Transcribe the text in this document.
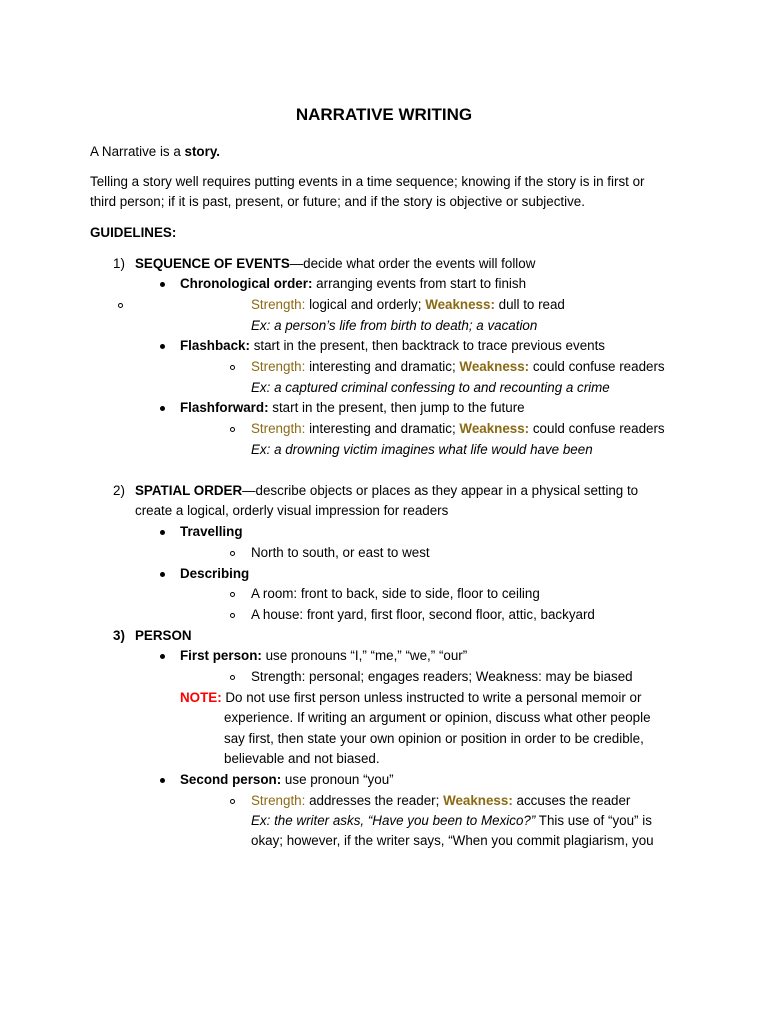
NARRATIVE WRITING
A Narrative is a story.
Telling a story well requires putting events in a time sequence; knowing if the story is in first or
third person; if it is past, present, or future; and if the story is objective or subjective.
GUIDELINES:
1) SEQUENCE OF EVENTS—decide what order the events will follow
Chronological order: arranging events from start to finish
Strength: logical and orderly; Weakness: dull to read
Ex: a person’s life from birth to death; a vacation
Flashback: start in the present, then backtrack to trace previous events
Strength: interesting and dramatic; Weakness: could confuse readers
Ex: a captured criminal confessing to and recounting a crime
Flashforward: start in the present, then jump to the future
Strength: interesting and dramatic; Weakness: could confuse readers
Ex: a drowning victim imagines what life would have been
2) SPATIAL ORDER—describe objects or places as they appear in a physical setting to
create a logical, orderly visual impression for readers
Travelling
North to south, or east to west
Describing
A room: front to back, side to side, floor to ceiling
A house: front yard, first floor, second floor, attic, backyard
3) PERSON
First person: use pronouns “I,” “me,” “we,” “our”
Strength: personal; engages readers; Weakness: may be biased
NOTE: Do not use first person unless instructed to write a personal memoir or
experience. If writing an argument or opinion, discuss what other people
say first, then state your own opinion or position in order to be credible,
believable and not biased.
Second person: use pronoun “you”
Strength: addresses the reader; Weakness: accuses the reader
Ex: the writer asks, “Have you been to Mexico?” This use of “you” is
okay; however, if the writer says, “When you commit plagiarism, you
